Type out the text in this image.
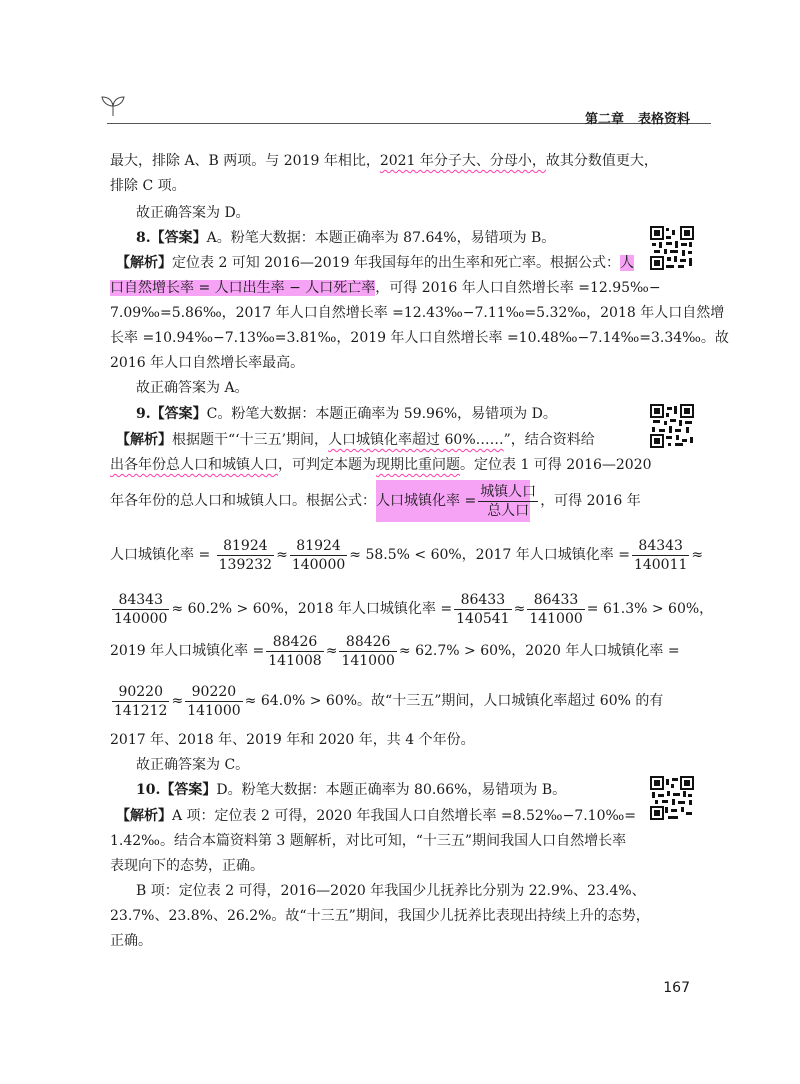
第二章 表格资料
最大，排除 A、B 两项。与 2019 年相比，2021 年分子大、分母小，故其分数值更大，
排除 C 项。
故正确答案为 D。
8.【答案】A。粉笔大数据：本题正确率为 87.64%，易错项为 B。
【解析】定位表 2 可知 2016—2019 年我国每年的出生率和死亡率。根据公式：人
口自然增长率 = 人口出生率 − 人口死亡率，可得 2016 年人口自然增长率 =12.95‰−
7.09‰=5.86‰，2017 年人口自然增长率 =12.43‰−7.11‰=5.32‰，2018 年人口自然增
长率 =10.94‰−7.13‰=3.81‰，2019 年人口自然增长率 =10.48‰−7.14‰=3.34‰。故
2016 年人口自然增长率最高。
故正确答案为 A。
9.【答案】C。粉笔大数据：本题正确率为 59.96%，易错项为 D。
【解析】根据题干“‘十三五’期间，人口城镇化率超过 60%……”，结合资料给
出各年份总人口和城镇人口，可判定本题为现期比重问题。定位表 1 可得 2016—2020
年各年份的总人口和城镇人口。根据公式：人口城镇化率 = $\frac{\text{城镇人口}}{\text{总人口}}$ ，可得 2016 年
人口城镇化率 = $\frac{81924}{139232} \approx \frac{81924}{140000} \approx 58.5\% < 60\%$，2017 年人口城镇化率 = $\frac{84343}{140011}$ ≈
$\frac{84343}{140000} \approx 60.2\% > 60\%$，2018 年人口城镇化率 = $\frac{86433}{140541} \approx \frac{86433}{141000} = 61.3\% > 60\%$，
2019 年人口城镇化率 = $\frac{88426}{141008} \approx \frac{88426}{141000} \approx 62.7\% > 60\%$，2020 年人口城镇化率 =
$\frac{90220}{141212} \approx \frac{90220}{141000} \approx 64.0\% > 60\%$。故“十三五”期间，人口城镇化率超过 60% 的有
2017 年、2018 年、2019 年和 2020 年，共 4 个年份。
故正确答案为 C。
10.【答案】D。粉笔大数据：本题正确率为 80.66%，易错项为 B。
【解析】A 项：定位表 2 可得，2020 年我国人口自然增长率 =8.52‰−7.10‰=
1.42‰。结合本篇资料第 3 题解析，对比可知，“十三五”期间我国人口自然增长率
表现向下的态势，正确。
B 项：定位表 2 可得，2016—2020 年我国少儿抚养比分别为 22.9%、23.4%、
23.7%、23.8%、26.2%。故“十三五”期间，我国少儿抚养比表现出持续上升的态势，
正确。
167
